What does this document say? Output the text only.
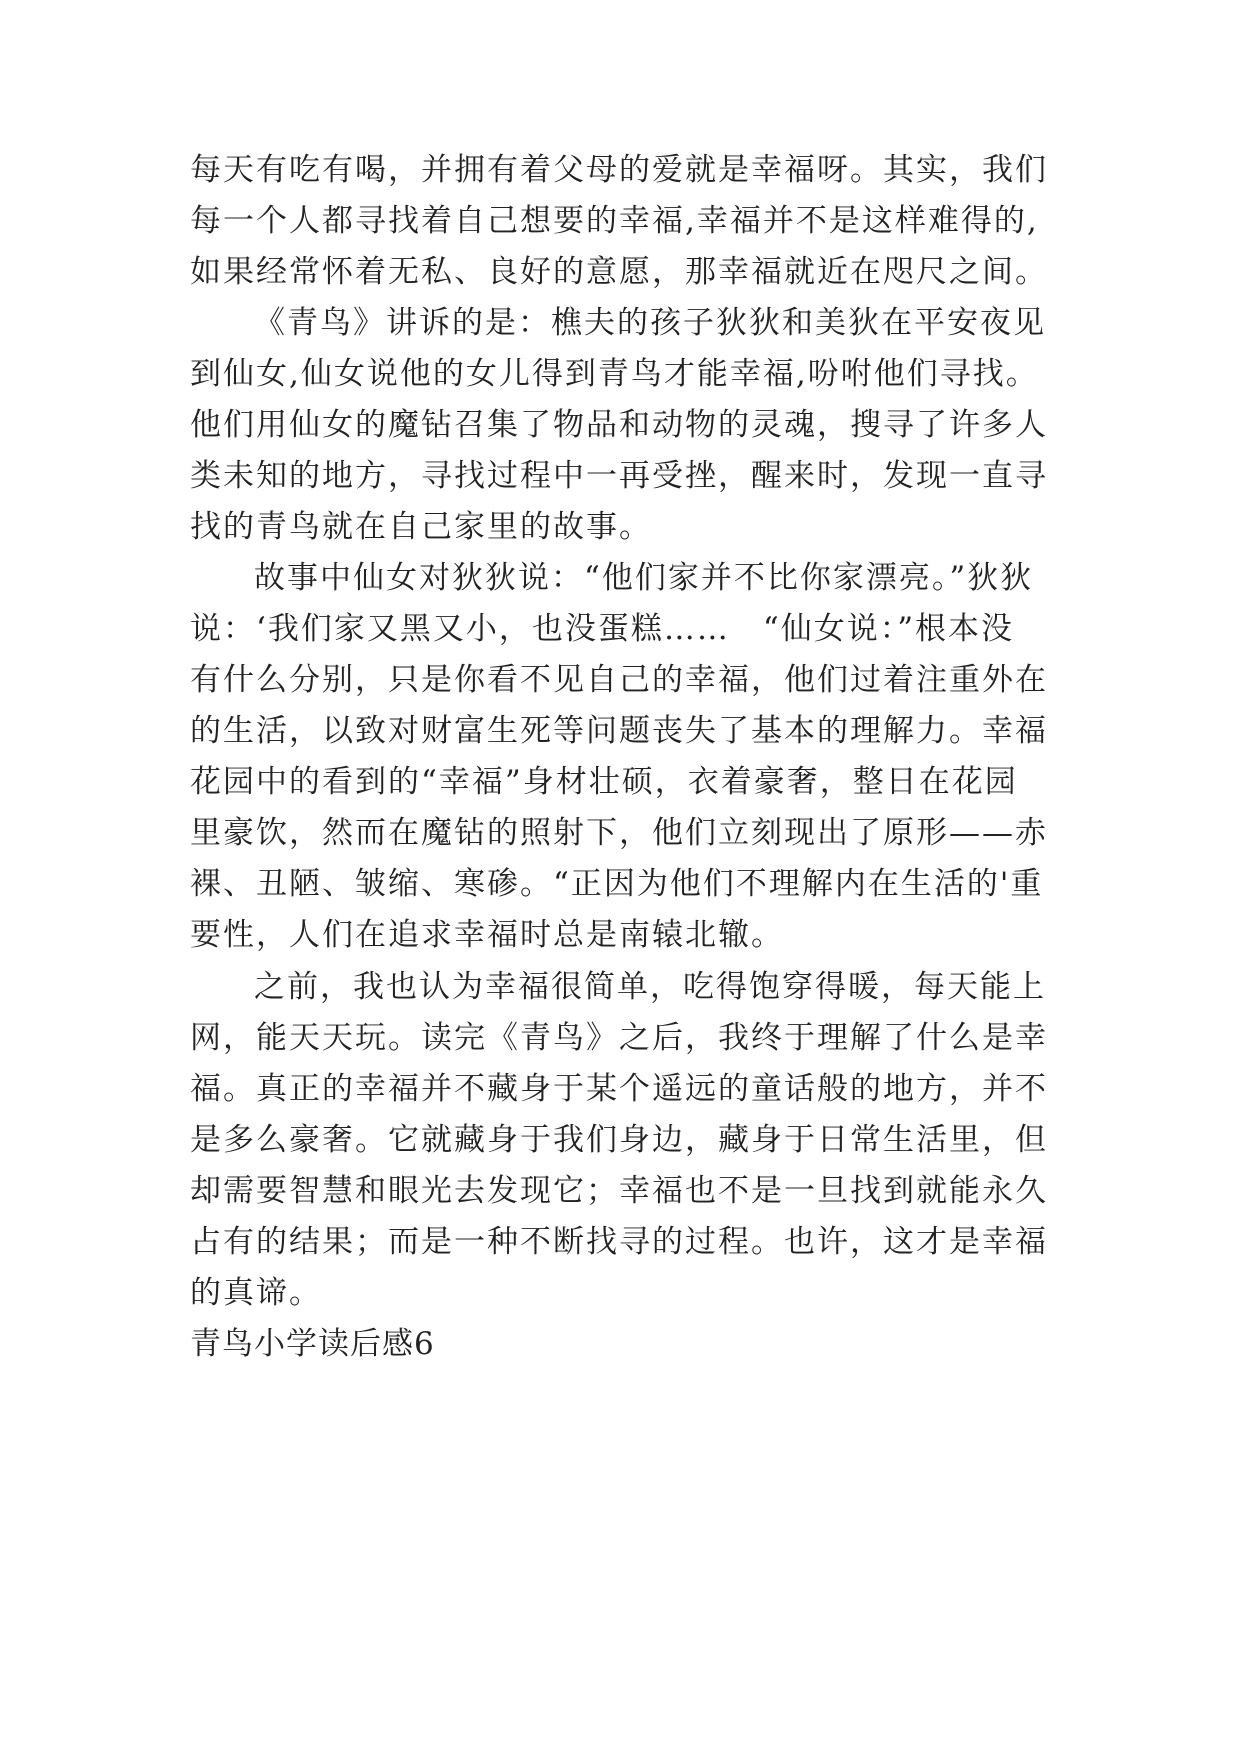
每天有吃有喝，并拥有着父母的爱就是幸福呀。其实，我们
每一个人都寻找着自己想要的幸福,幸福并不是这样难得的,
如果经常怀着无私、良好的意愿，那幸福就近在咫尺之间。
《青鸟》讲诉的是：樵夫的孩子狄狄和美狄在平安夜见
到仙女,仙女说他的女儿得到青鸟才能幸福,吩咐他们寻找。
他们用仙女的魔钻召集了物品和动物的灵魂，搜寻了许多人
类未知的地方，寻找过程中一再受挫，醒来时，发现一直寻
找的青鸟就在自己家里的故事。
故事中仙女对狄狄说：“他们家并不比你家漂亮。”狄狄
说：‘我们家又黑又小，也没蛋糕……　“仙女说：”根本没
有什么分别，只是你看不见自己的幸福，他们过着注重外在
的生活，以致对财富生死等问题丧失了基本的理解力。幸福
花园中的看到的“幸福”身材壮硕，衣着豪奢，整日在花园
里豪饮，然而在魔钻的照射下，他们立刻现出了原形——赤
裸、丑陋、皱缩、寒碜。“正因为他们不理解内在生活的'重
要性，人们在追求幸福时总是南辕北辙。
之前，我也认为幸福很简单，吃得饱穿得暖，每天能上
网，能天天玩。读完《青鸟》之后，我终于理解了什么是幸
福。真正的幸福并不藏身于某个遥远的童话般的地方，并不
是多么豪奢。它就藏身于我们身边，藏身于日常生活里，但
却需要智慧和眼光去发现它；幸福也不是一旦找到就能永久
占有的结果；而是一种不断找寻的过程。也许，这才是幸福
的真谛。
青鸟小学读后感6
